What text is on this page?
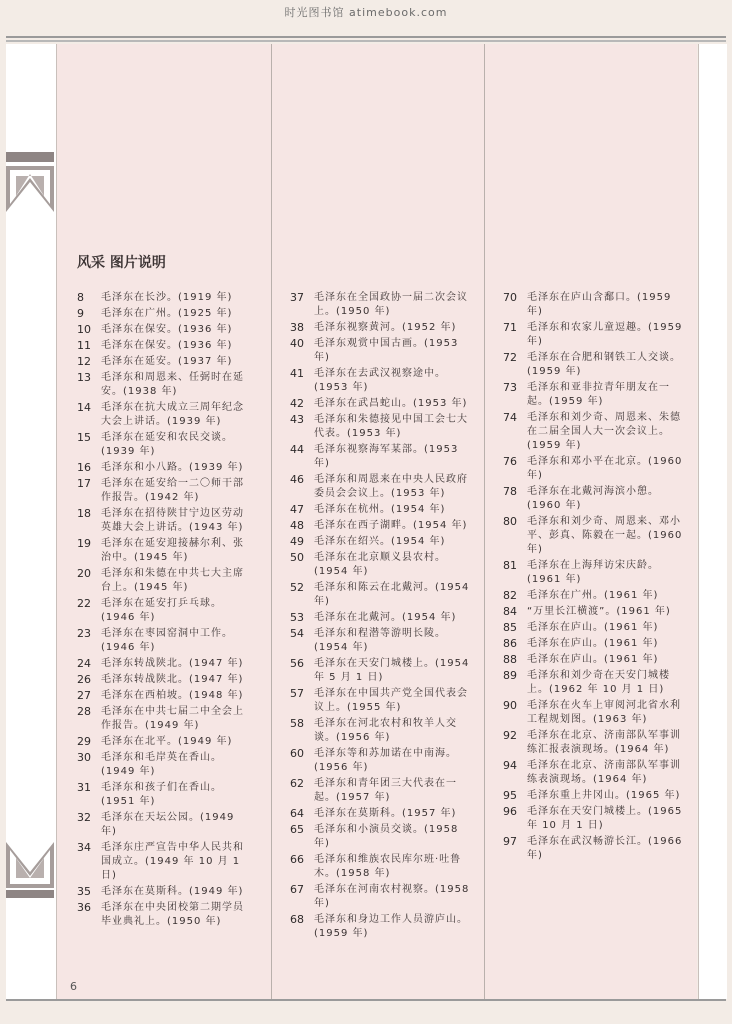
时光图书馆 atimebook.com
风采 图片说明
8	毛泽东在长沙。(1919 年)
9	毛泽东在广州。(1925 年)
10	毛泽东在保安。(1936 年)
11	毛泽东在保安。(1936 年)
12	毛泽东在延安。(1937 年)
13	毛泽东和周恩来、任弼时在延安。(1938 年)
14	毛泽东在抗大成立三周年纪念大会上讲话。(1939 年)
15	毛泽东在延安和农民交谈。(1939 年)
16	毛泽东和小八路。(1939 年)
17	毛泽东在延安给一二〇师干部作报告。(1942 年)
18	毛泽东在招待陕甘宁边区劳动英雄大会上讲话。(1943 年)
19	毛泽东在延安迎接赫尔利、张治中。(1945 年)
20	毛泽东和朱德在中共七大主席台上。(1945 年)
22	毛泽东在延安打乒乓球。(1946 年)
23	毛泽东在枣园窑洞中工作。(1946 年)
24	毛泽东转战陕北。(1947 年)
26	毛泽东转战陕北。(1947 年)
27	毛泽东在西柏坡。(1948 年)
28	毛泽东在中共七届二中全会上作报告。(1949 年)
29	毛泽东在北平。(1949 年)
30	毛泽东和毛岸英在香山。(1949 年)
31	毛泽东和孩子们在香山。(1951 年)
32	毛泽东在天坛公园。(1949 年)
34	毛泽东庄严宣告中华人民共和国成立。(1949 年 10 月 1 日)
35	毛泽东在莫斯科。(1949 年)
36	毛泽东在中央团校第二期学员毕业典礼上。(1950 年)
37	毛泽东在全国政协一届二次会议上。(1950 年)
38	毛泽东视察黄河。(1952 年)
40	毛泽东观赏中国古画。(1953 年)
41	毛泽东在去武汉视察途中。(1953 年)
42	毛泽东在武昌蛇山。(1953 年)
43	毛泽东和朱德接见中国工会七大代表。(1953 年)
44	毛泽东视察海军某部。(1953 年)
46	毛泽东和周恩来在中央人民政府委员会会议上。(1953 年)
47	毛泽东在杭州。(1954 年)
48	毛泽东在西子湖畔。(1954 年)
49	毛泽东在绍兴。(1954 年)
50	毛泽东在北京顺义县农村。(1954 年)
52	毛泽东和陈云在北戴河。(1954 年)
53	毛泽东在北戴河。(1954 年)
54	毛泽东和程潜等游明长陵。(1954 年)
56	毛泽东在天安门城楼上。(1954 年 5 月 1 日)
57	毛泽东在中国共产党全国代表会议上。(1955 年)
58	毛泽东在河北农村和牧羊人交谈。(1956 年)
60	毛泽东等和苏加诺在中南海。(1956 年)
62	毛泽东和青年团三大代表在一起。(1957 年)
64	毛泽东在莫斯科。(1957 年)
65	毛泽东和小演员交谈。(1958 年)
66	毛泽东和维族农民库尔班·吐鲁木。(1958 年)
67	毛泽东在河南农村视察。(1958 年)
68	毛泽东和身边工作人员游庐山。(1959 年)
70	毛泽东在庐山含鄱口。(1959 年)
71	毛泽东和农家儿童逗趣。(1959 年)
72	毛泽东在合肥和钢铁工人交谈。(1959 年)
73	毛泽东和亚非拉青年朋友在一起。(1959 年)
74	毛泽东和刘少奇、周恩来、朱德在二届全国人大一次会议上。(1959 年)
76	毛泽东和邓小平在北京。(1960 年)
78	毛泽东在北戴河海滨小憩。(1960 年)
80	毛泽东和刘少奇、周恩来、邓小平、彭真、陈毅在一起。(1960 年)
81	毛泽东在上海拜访宋庆龄。(1961 年)
82	毛泽东在广州。(1961 年)
84	“万里长江横渡”。(1961 年)
85	毛泽东在庐山。(1961 年)
86	毛泽东在庐山。(1961 年)
88	毛泽东在庐山。(1961 年)
89	毛泽东和刘少奇在天安门城楼上。(1962 年 10 月 1 日)
90	毛泽东在火车上审阅河北省水利工程规划图。(1963 年)
92	毛泽东在北京、济南部队军事训练汇报表演现场。(1964 年)
94	毛泽东在北京、济南部队军事训练表演现场。(1964 年)
95	毛泽东重上井冈山。(1965 年)
96	毛泽东在天安门城楼上。(1965 年 10 月 1 日)
97	毛泽东在武汉畅游长江。(1966 年)
6
